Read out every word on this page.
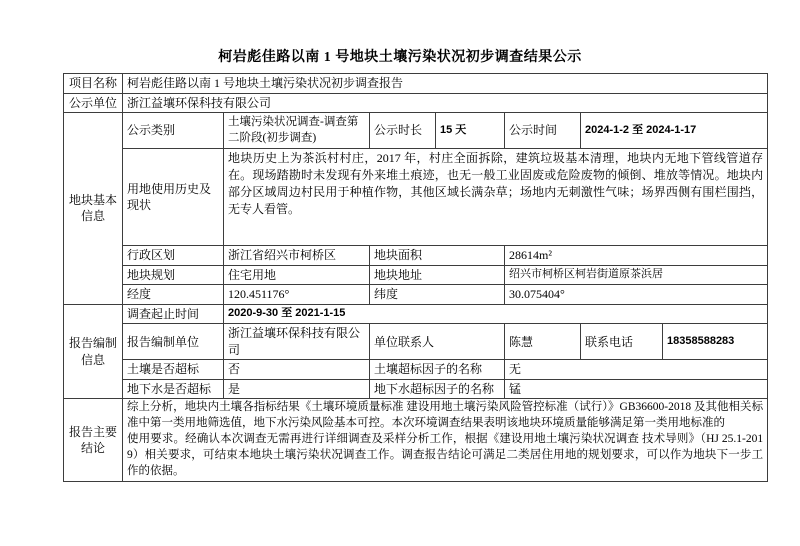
柯岩彪佳路以南 1 号地块土壤污染状况初步调查结果公示
项目名称	柯岩彪佳路以南 1 号地块土壤污染状况初步调查报告						
公示单位	浙江益壤环保科技有限公司						
地块基本信息	公示类别	土壤污染状况调查-调查第二阶段(初步调查)	公示时长	15 天	公示时间	2024-1-2 至 2024-1-17	
	用地使用历史及现状	地块历史上为茶浜村村庄，2017 年，村庄全面拆除，建筑垃圾基本清理，地块内无地下管线管道存在。现场踏勘时未发现有外来堆土痕迹，也无一般工业固废或危险废物的倾倒、堆放等情况。地块内部分区域周边村民用于种植作物，其他区域长满杂草；场地内无刺激性气味；场界西侧有围栏围挡，无专人看管。					
	行政区划	浙江省绍兴市柯桥区	地块面积		28614m²		
	地块规划	住宅用地	地块地址		绍兴市柯桥区柯岩街道原茶浜居		
	经度	120.451176°	纬度		30.075404°		
报告编制信息	调查起止时间	2020-9-30 至 2021-1-15					
	报告编制单位	浙江益壤环保科技有限公司	单位联系人		陈慧	联系电话	18358588283
	土壤是否超标	否	土壤超标因子的名称		无		
	地下水是否超标	是	地下水超标因子的名称		锰		
报告主要结论	综上分析，地块内土壤各指标结果《土壤环境质量标准 建设用地土壤污染风险管控标准（试行）》GB36600-2018 及其他相关标准中第一类用地筛选值，地下水污染风险基本可控。本次环境调查结果表明该地块环境质量能够满足第一类用地标准的

使用要求。经确认本次调查无需再进行详细调查及采样分析工作，根据《建设用地土壤污染状况调查 技术导则》（HJ 25.1-2019）相关要求，可结束本地块土壤污染状况调查工作。调查报告结论可满足二类居住用地的规划要求，可以作为地块下一步工作的依据。						
